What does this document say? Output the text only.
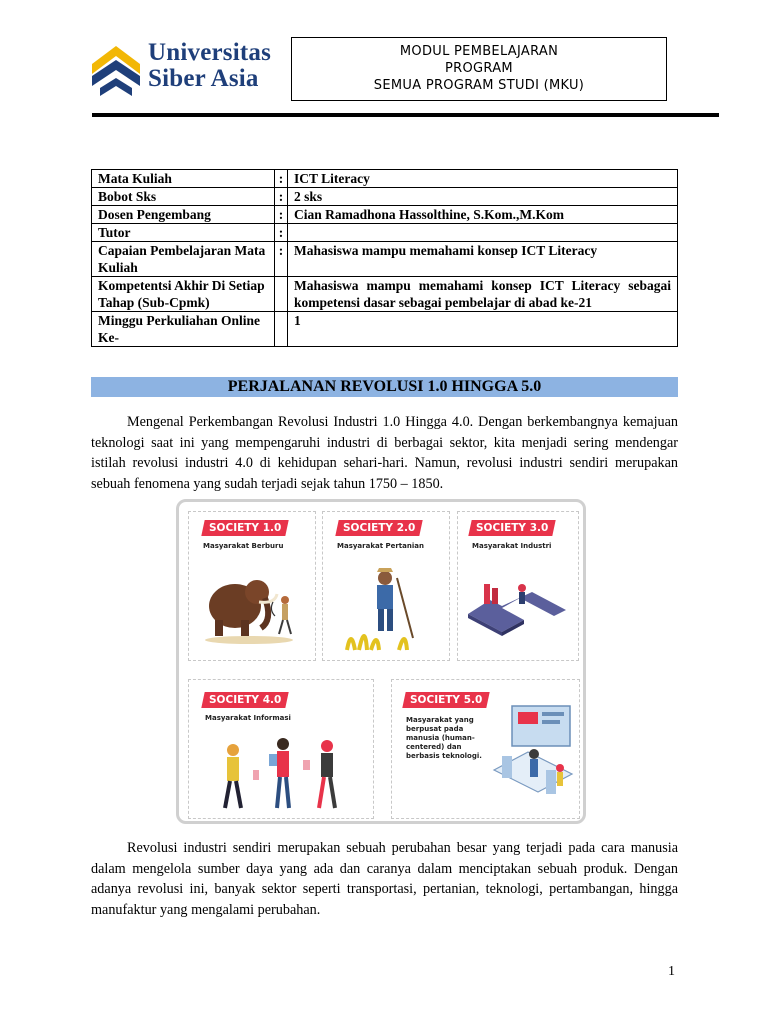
Universitas
Siber Asia
MODUL PEMBELAJARAN
PROGRAM
SEMUA PROGRAM STUDI (MKU)
Mata Kuliah	:	ICT Literacy
Bobot Sks	:	2 sks
Dosen Pengembang	:	Cian Ramadhona Hassolthine, S.Kom.,M.Kom
Tutor	:	
Capaian Pembelajaran Mata Kuliah	:	Mahasiswa mampu memahami konsep ICT Literacy
Kompetentsi Akhir Di Setiap Tahap (Sub-Cpmk)		Mahasiswa mampu memahami konsep ICT Literacy sebagai kompetensi dasar sebagai pembelajar di abad ke-21
Minggu Perkuliahan Online Ke-		1
PERJALANAN REVOLUSI 1.0 HINGGA 5.0
Mengenal Perkembangan Revolusi Industri 1.0 Hingga 4.0. Dengan berkembangnya kemajuan teknologi saat ini yang mempengaruhi industri di berbagai sektor, kita menjadi sering mendengar istilah revolusi industri 4.0 di kehidupan sehari-hari. Namun, revolusi industri sendiri merupakan sebuah fenomena yang sudah terjadi sejak tahun 1750 – 1850.
SOCIETY 1.0
Masyarakat Berburu
SOCIETY 2.0
Masyarakat Pertanian
SOCIETY 3.0
Masyarakat Industri
SOCIETY 4.0
Masyarakat Informasi
SOCIETY 5.0
Masyarakat yang berpusat pada manusia (human-centered) dan berbasis teknologi.
Revolusi industri sendiri merupakan sebuah perubahan besar yang terjadi pada cara manusia dalam mengelola sumber daya yang ada dan caranya dalam menciptakan sebuah produk. Dengan adanya revolusi ini, banyak sektor seperti transportasi, pertanian, teknologi, pertambangan, hingga manufaktur yang mengalami perubahan.
1
